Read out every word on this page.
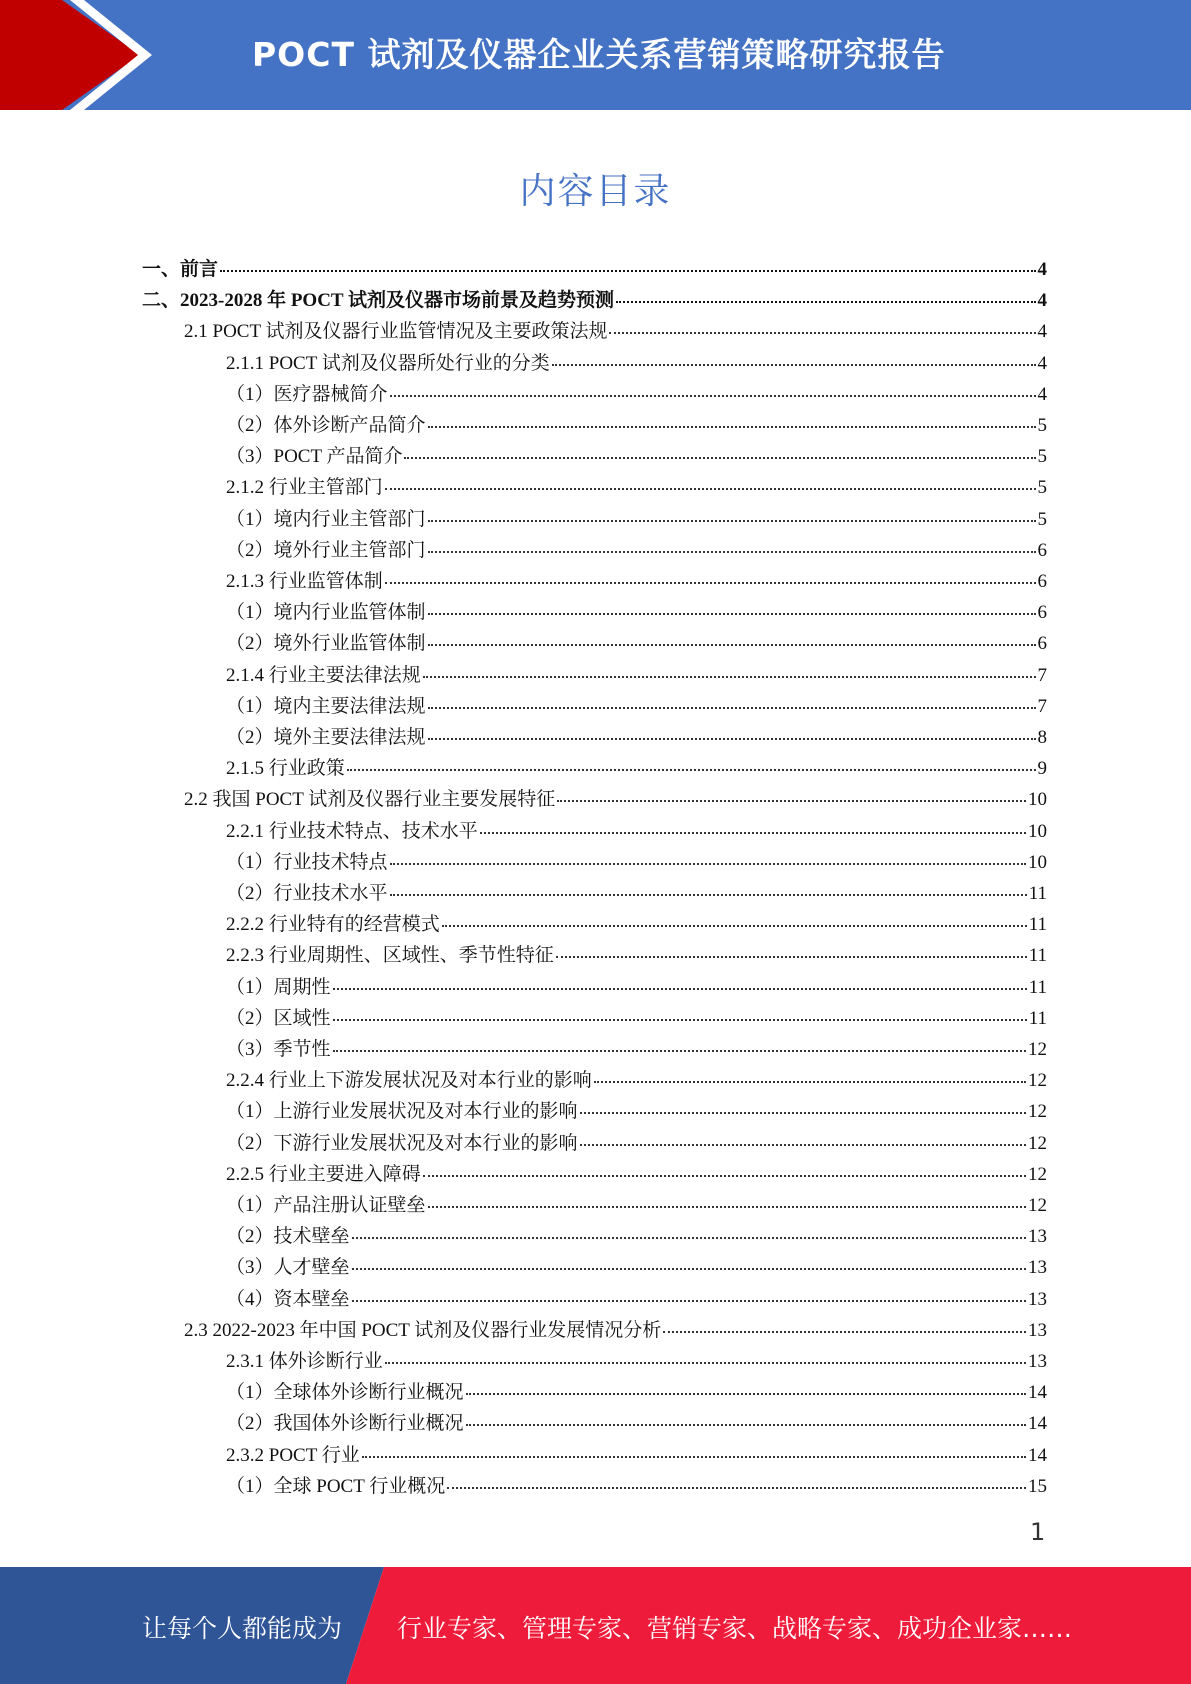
POCT 试剂及仪器企业关系营销策略研究报告
内容目录
一、前言	4
二、2023-2028 年 POCT 试剂及仪器市场前景及趋势预测	4
2.1 POCT 试剂及仪器行业监管情况及主要政策法规	4
2.1.1 POCT 试剂及仪器所处行业的分类	4
（1）医疗器械简介	4
（2）体外诊断产品简介	5
（3）POCT 产品简介	5
2.1.2 行业主管部门	5
（1）境内行业主管部门	5
（2）境外行业主管部门	6
2.1.3 行业监管体制	6
（1）境内行业监管体制	6
（2）境外行业监管体制	6
2.1.4 行业主要法律法规	7
（1）境内主要法律法规	7
（2）境外主要法律法规	8
2.1.5 行业政策	9
2.2 我国 POCT 试剂及仪器行业主要发展特征	10
2.2.1 行业技术特点、技术水平	10
（1）行业技术特点	10
（2）行业技术水平	11
2.2.2 行业特有的经营模式	11
2.2.3 行业周期性、区域性、季节性特征	11
（1）周期性	11
（2）区域性	11
（3）季节性	12
2.2.4 行业上下游发展状况及对本行业的影响	12
（1）上游行业发展状况及对本行业的影响	12
（2）下游行业发展状况及对本行业的影响	12
2.2.5 行业主要进入障碍	12
（1）产品注册认证壁垒	12
（2）技术壁垒	13
（3）人才壁垒	13
（4）资本壁垒	13
2.3 2022-2023 年中国 POCT 试剂及仪器行业发展情况分析	13
2.3.1 体外诊断行业	13
（1）全球体外诊断行业概况	14
（2）我国体外诊断行业概况	14
2.3.2 POCT 行业	14
（1）全球 POCT 行业概况	15
1
让每个人都能成为 行业专家、管理专家、营销专家、战略专家、成功企业家……
